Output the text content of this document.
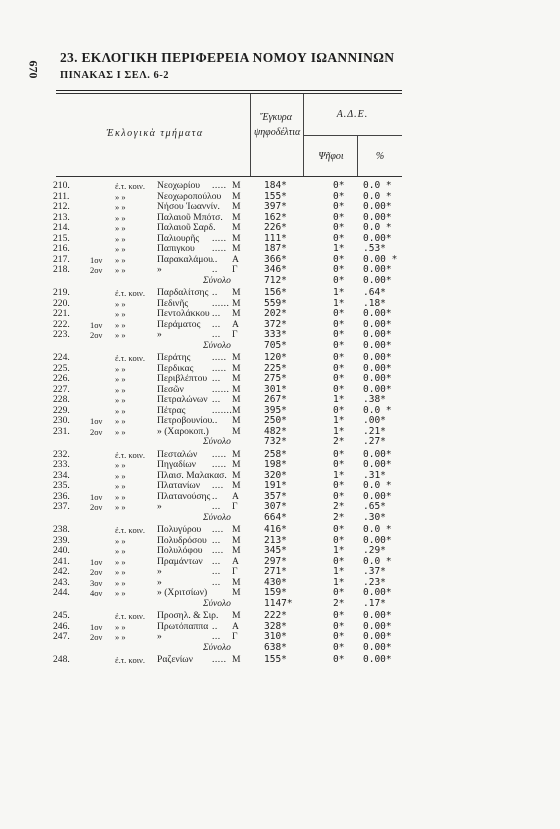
670
23. ΕΚΛΟΓΙΚΗ ΠΕΡΙΦΕΡΕΙΑ ΝΟΜΟΥ ΙΩΑΝΝΙΝΩΝ
ΠΙΝΑΚΑΣ Ι ΣΕΛ. 6-2
Ἐκλογικὰ τμήματα
Ἔγκυρα ψηφοδέλτια
Α.Δ.Ε.
Ψῆφοι	%
210.	ἐ.τ. κοιν. Νεοχωρίου ..... Μ 184*	0* 0.0 *
211.	» »	Νεοχωροπούλου Μ 155*	0* 0.0 *
212.	» »	Νήσου Ἰωαννίν. Μ 397*	0* 0.00*
213.	» »	Παλαιοῦ Μπότσ. Μ 162*	0* 0.00*
214.	» »	Παλαιοῦ Σαρδ. Μ 226*	0* 0.0 *
215.	» »	Παλιουρῆς ..... Μ 111*	0* 0.00*
216.	» »	Παπιγκου ..... Μ 187*	1* .53*
217. 1ον » »	Παρακαλάμου .. Α	366*	0* 0.00 *
218. 2ον » »	»	.. Γ	346*	0* 0.00*
Σύνολο	712*	0* 0.00*
219.	ἐ.τ. κοιν. Παρδαλίτσης .. Μ 156*	1* .64*
220.	» »	Πεδινῆς ...... Μ 559*	1* .18*
221.	» »	Πεντολάκκου ... Μ 202*	0* 0.00*
222. 1ον » »	Περάματος ... Α	372*	0* 0.00*
223. 2ον » »	»	... Γ	333*	0* 0.00*
Σύνολο	705*	0* 0.00*
224.	ἐ.τ. κοιν. Περάτης ..... Μ 120*	0* 0.00*
225.	» »	Περδικας ..... Μ 225*	0* 0.00*
226.	» »	Περιβλέπτου ... Μ 275*	0* 0.00*
227.	» »	Πεσῶν	...... Μ 301*	0* 0.00*
228.	» »	Πετραλώνων ... Μ 267*	1* .38*
229.	» »	Πέτρας	....... Μ 395*	0* 0.0 *
230. 1ον » »	Πετροβουνίου .. Μ 250*	1* .00*
231. 2ον » »	» (Χαροκοπ.) Μ 482*	1* .21*
Σύνολο	732*	2* .27*
232.	ἐ.τ. κοιν. Πεσταλών ..... Μ 258*	0* 0.00*
233.	» »	Πηγαδίων ..... Μ 198*	0* 0.00*
234.	» »	Πλαισ. Μαλακασ. Μ 320*	1* .31*
235.	» »	Πλατανίων .... Μ 191*	0* 0.0 *
236. 1ον » »	Πλατανούσης .. Α	357*	0* 0.00*
237. 2ον » »	»	... Γ	307*	2* .65*
Σύνολο	664*	2* .30*
238.	ἐ.τ. κοιν. Πολυγύρου .... Μ 416*	0* 0.0 *
239.	» »	Πολυδρόσου ... Μ 213*	0* 0.00*
240.	» »	Πολυλόφου .... Μ 345*	1* .29*
241. 1ον » »	Πραμάντων ... Α	297*	0* 0.0 *
242. 2ον » »	»	... Γ	271*	1* .37*
243. 3ον » »	»	... Μ 430*	1* .23*
244. 4ον » »	» (Χριτσίων)	Μ 159*	0* 0.00*
Σύνολο	1147*	2* .17*
245.	ἐ.τ. κοιν. Προσηλ. & Σιρ. Μ 222*	0* 0.00*
246. 1ον » »	Πρωτόπαππα .. Α	328*	0* 0.00*
247. 2ον » »	»	... Γ	310*	0* 0.00*
Σύνολο	638*	0* 0.00*
248.	ἐ.τ. κοιν. Ραζενίων ..... Μ 155*	0* 0.00*
